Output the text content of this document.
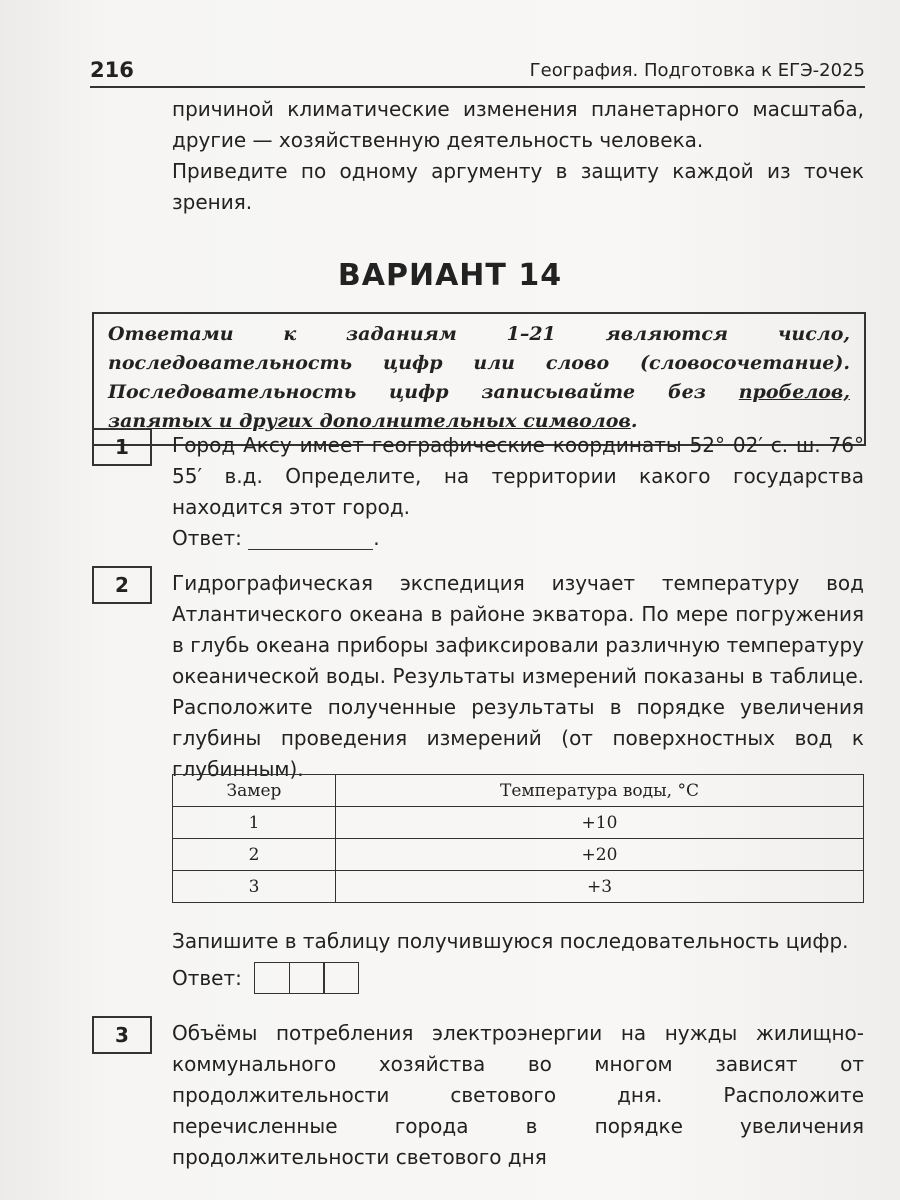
216	География. Подготовка к ЕГЭ-2025

причиной климатические изменения планетарного масштаба, другие — хозяйственную деятельность человека.

Приведите по одному аргументу в защиту каждой из точек зрения.

ВАРИАНТ 14
Ответами к заданиям 1–21 являются число, последовательность цифр или слово (словосочетание). Последовательность цифр записывайте без пробелов, запятых и других дополнительных символов.
1	Город Аксу имеет географические координаты 52° 02′ с. ш. 76° 55′ в.д. Определите, на территории какого государства находится этот город.
Ответ:	.
2	Гидрографическая экспедиция изучает температуру вод Атлантического океана в районе экватора. По мере погружения в глубь океана приборы зафиксировали различную температуру океанической воды. Результаты измерений показаны в таблице. Расположите полученные результаты в порядке увеличения глубины проведения измерений (от поверхностных вод к глубинным).
Замер	Температура воды, °С
1	+10
2	+20
3	+3
Запишите в таблицу получившуюся последовательность цифр.
Ответ:
3	Объёмы потребления электроэнергии на нужды жилищно-коммунального хозяйства во многом зависят от продолжительности светового дня. Расположите перечисленные города в порядке увеличения продолжительности светового дня
